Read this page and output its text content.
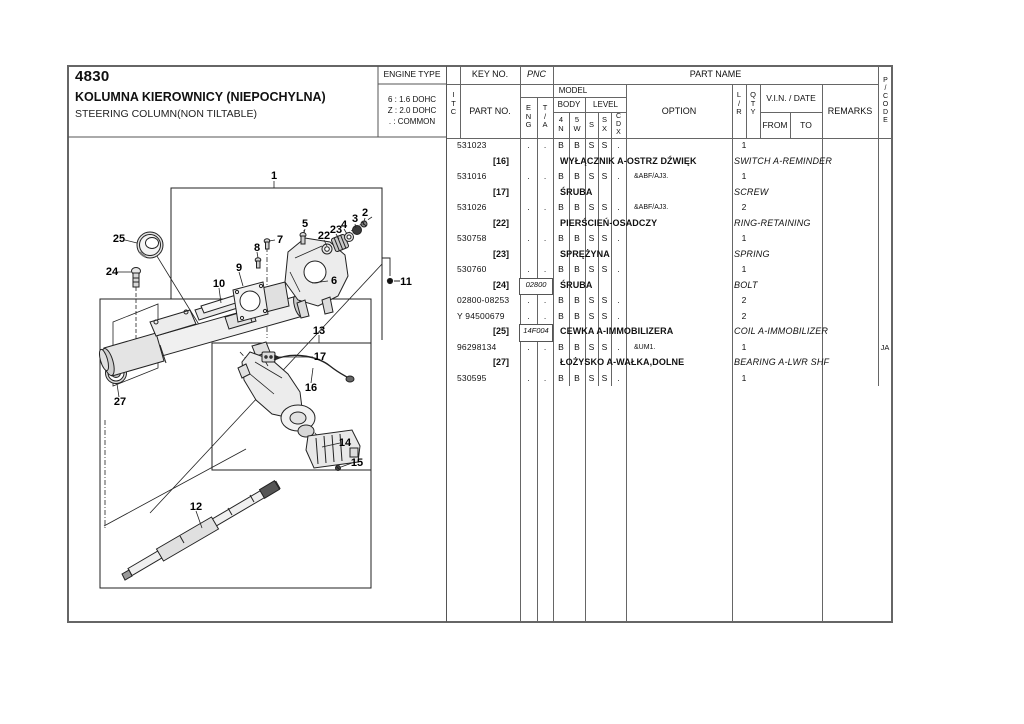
4830
KOLUMNA KIEROWNICY (NIEPOCHYLNA)
STEERING COLUMN(NON TILTABLE)
ENGINE TYPE
6 : 1.6 DOHC
Z : 2.0 DOHC
. : COMMON
KEY NO.	PNC	PART NAME
I
T
C	PART NO.
MODEL
E
N
G
T
/
A
BODY	LEVEL
4
N
5
W	S
S
X
C
D
X
OPTION
L
/
R
Q
T
Y
V.I.N. / DATE
FROM	TO
REMARKS
P
/
C
O
D
E
531023	.	.	B	B	S S	.	1
[16]	WYŁĄCZNIK A-OSTRZ DŹWIĘK	SWITCH A-REMINDER
531016	.	.	B	B	S S	.	&ABF/AJ3.	1
[17]	ŚRUBA	SCREW
531026	.	.	B	B	S S	.	&ABF/AJ3.	2
[22]	PIERŚCIEŃ-OSADCZY	RING-RETAINING
530758	.	.	B	B	S S	.	1
[23]	SPRĘŻYNA	SPRING
530760	.	.	B	B	S S	.	1
[24]	02800	ŚRUBA	BOLT
02800-08253	.	.	B	B	S S	.	2
Y 94500679	.	.	B	B	S S	.	2
[25]	14F004	CEWKA A-IMMOBILIZERA	COIL A-IMMOBILIZER
96298134	.	.	B	B	S S	.	&UM1.	1	JA
[27]	ŁOŻYSKO A-WAŁKA,DOLNE	BEARING A-LWR SHF
530595	.	.	B	B	S S	.	1
1
2
3
4
5
6
7
8
9
10	11
12
13
14
15
16
17
22 23
24
25
27
